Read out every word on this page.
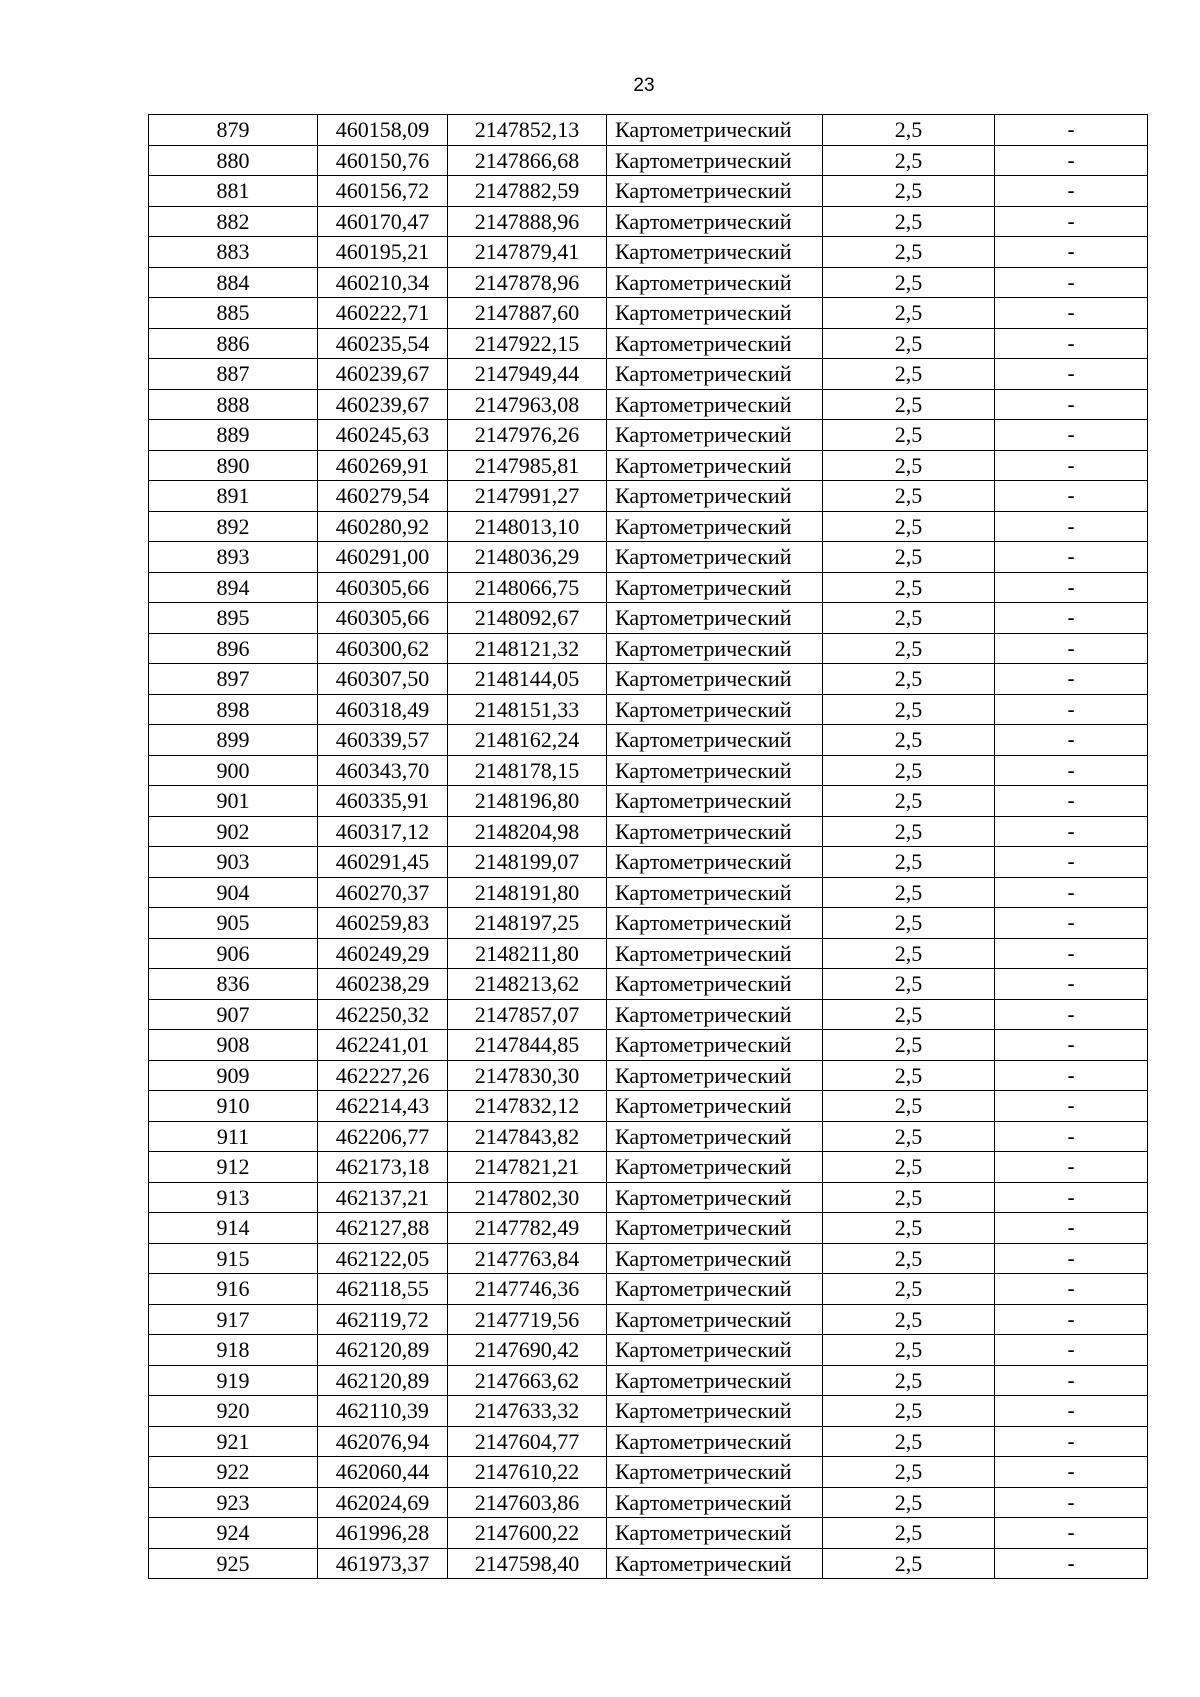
23
879	460158,09	2147852,13	Картометрический	2,5	-
880	460150,76	2147866,68	Картометрический	2,5	-
881	460156,72	2147882,59	Картометрический	2,5	-
882	460170,47	2147888,96	Картометрический	2,5	-
883	460195,21	2147879,41	Картометрический	2,5	-
884	460210,34	2147878,96	Картометрический	2,5	-
885	460222,71	2147887,60	Картометрический	2,5	-
886	460235,54	2147922,15	Картометрический	2,5	-
887	460239,67	2147949,44	Картометрический	2,5	-
888	460239,67	2147963,08	Картометрический	2,5	-
889	460245,63	2147976,26	Картометрический	2,5	-
890	460269,91	2147985,81	Картометрический	2,5	-
891	460279,54	2147991,27	Картометрический	2,5	-
892	460280,92	2148013,10	Картометрический	2,5	-
893	460291,00	2148036,29	Картометрический	2,5	-
894	460305,66	2148066,75	Картометрический	2,5	-
895	460305,66	2148092,67	Картометрический	2,5	-
896	460300,62	2148121,32	Картометрический	2,5	-
897	460307,50	2148144,05	Картометрический	2,5	-
898	460318,49	2148151,33	Картометрический	2,5	-
899	460339,57	2148162,24	Картометрический	2,5	-
900	460343,70	2148178,15	Картометрический	2,5	-
901	460335,91	2148196,80	Картометрический	2,5	-
902	460317,12	2148204,98	Картометрический	2,5	-
903	460291,45	2148199,07	Картометрический	2,5	-
904	460270,37	2148191,80	Картометрический	2,5	-
905	460259,83	2148197,25	Картометрический	2,5	-
906	460249,29	2148211,80	Картометрический	2,5	-
836	460238,29	2148213,62	Картометрический	2,5	-
907	462250,32	2147857,07	Картометрический	2,5	-
908	462241,01	2147844,85	Картометрический	2,5	-
909	462227,26	2147830,30	Картометрический	2,5	-
910	462214,43	2147832,12	Картометрический	2,5	-
911	462206,77	2147843,82	Картометрический	2,5	-
912	462173,18	2147821,21	Картометрический	2,5	-
913	462137,21	2147802,30	Картометрический	2,5	-
914	462127,88	2147782,49	Картометрический	2,5	-
915	462122,05	2147763,84	Картометрический	2,5	-
916	462118,55	2147746,36	Картометрический	2,5	-
917	462119,72	2147719,56	Картометрический	2,5	-
918	462120,89	2147690,42	Картометрический	2,5	-
919	462120,89	2147663,62	Картометрический	2,5	-
920	462110,39	2147633,32	Картометрический	2,5	-
921	462076,94	2147604,77	Картометрический	2,5	-
922	462060,44	2147610,22	Картометрический	2,5	-
923	462024,69	2147603,86	Картометрический	2,5	-
924	461996,28	2147600,22	Картометрический	2,5	-
925	461973,37	2147598,40	Картометрический	2,5	-
